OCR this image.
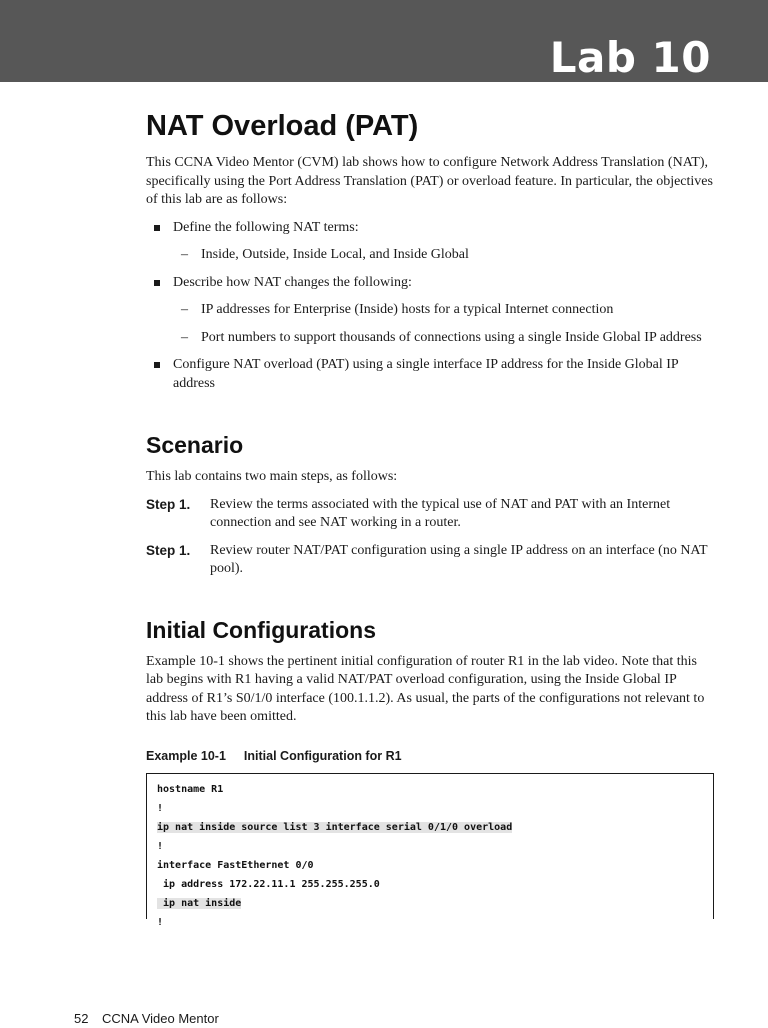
Lab 10
NAT Overload (PAT)

This CCNA Video Mentor (CVM) lab shows how to configure Network Address Translation (NAT), specifically using the Port Address Translation (PAT) or overload feature. In particular, the objectives of this lab are as follows:

Define the following NAT terms:
– Inside, Outside, Inside Local, and Inside Global
Describe how NAT changes the following:
– IP addresses for Enterprise (Inside) hosts for a typical Internet connection
– Port numbers to support thousands of connections using a single Inside Global IP address
Configure NAT overload (PAT) using a single interface IP address for the Inside Global IP address
Scenario

This lab contains two main steps, as follows:

Step 1. Review the terms associated with the typical use of NAT and PAT with an Internet connection and see NAT working in a router.
Step 1. Review router NAT/PAT configuration using a single IP address on an interface (no NAT pool).
Initial Configurations

Example 10-1 shows the pertinent initial configuration of router R1 in the lab video. Note that this lab begins with R1 having a valid NAT/PAT overload configuration, using the Inside Global IP address of R1’s S0/1/0 interface (100.1.1.2). As usual, the parts of the configurations not relevant to this lab have been omitted.

Example 10-1 Initial Configuration for R1
hostname R1
!
ip nat inside source list 3 interface serial 0/1/0 overload
!
interface FastEthernet 0/0
ip address 172.22.11.1 255.255.255.0
ip nat inside
!
52 CCNA Video Mentor
